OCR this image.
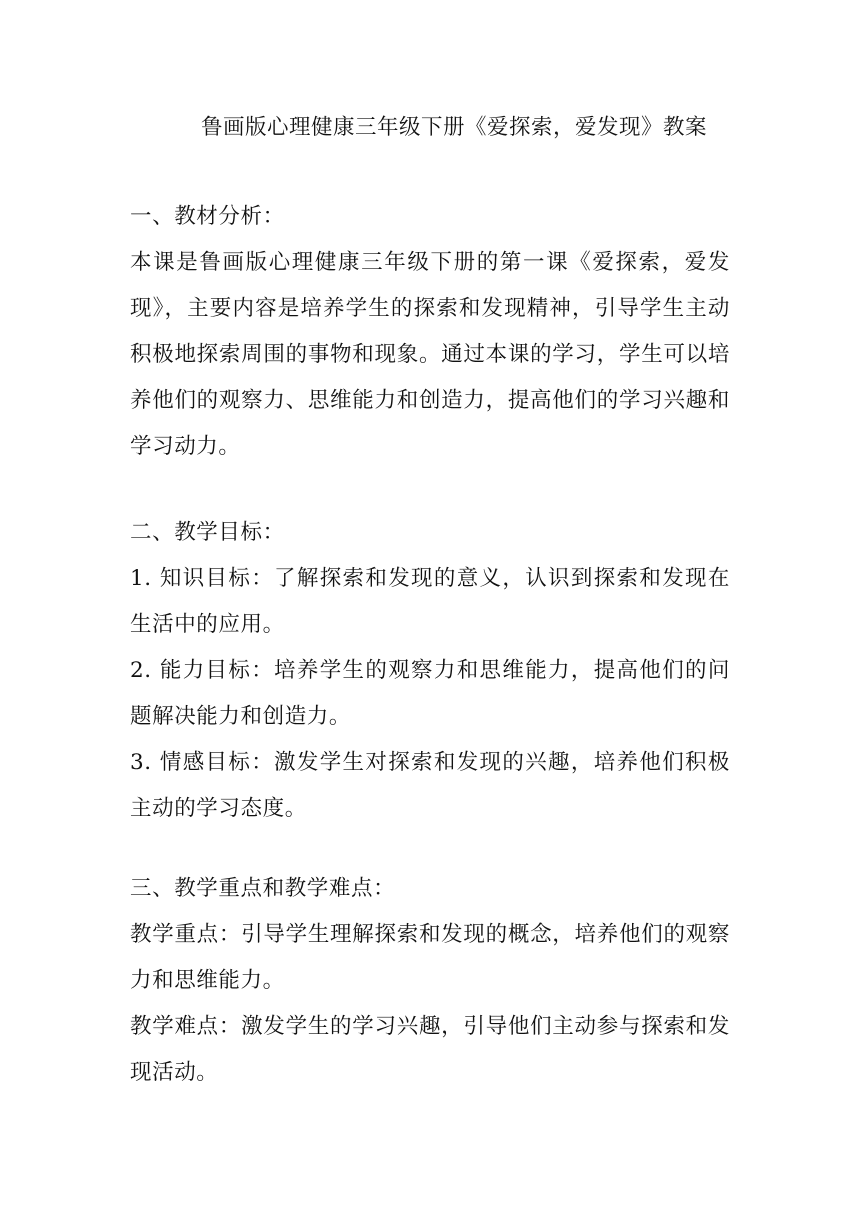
鲁画版心理健康三年级下册《爱探索，爱发现》教案
一、教材分析：

本课是鲁画版心理健康三年级下册的第一课《爱探索，爱发现》，主要内容是培养学生的探索和发现精神，引导学生主动积极地探索周围的事物和现象。通过本课的学习，学生可以培养他们的观察力、思维能力和创造力，提高他们的学习兴趣和学习动力。

二、教学目标：

1. 知识目标：了解探索和发现的意义，认识到探索和发现在生活中的应用。

2. 能力目标：培养学生的观察力和思维能力，提高他们的问题解决能力和创造力。

3. 情感目标：激发学生对探索和发现的兴趣，培养他们积极主动的学习态度。

三、教学重点和教学难点：

教学重点：引导学生理解探索和发现的概念，培养他们的观察力和思维能力。

教学难点：激发学生的学习兴趣，引导他们主动参与探索和发现活动。
